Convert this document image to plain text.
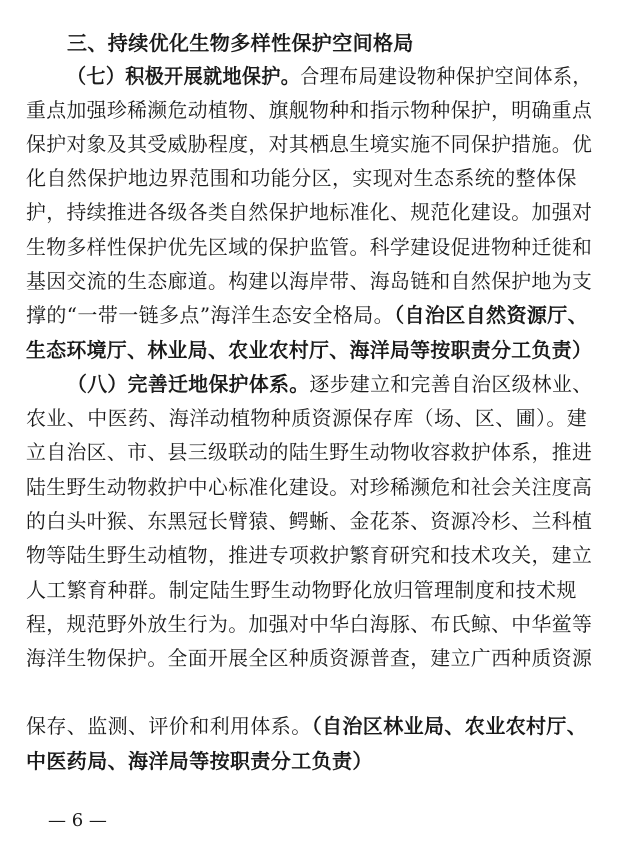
三、持续优化生物多样性保护空间格局
（七）积极开展就地保护。合理布局建设物种保护空间体系，
重点加强珍稀濒危动植物、旗舰物种和指示物种保护，明确重点
保护对象及其受威胁程度，对其栖息生境实施不同保护措施。优
化自然保护地边界范围和功能分区，实现对生态系统的整体保
护，持续推进各级各类自然保护地标准化、规范化建设。加强对
生物多样性保护优先区域的保护监管。科学建设促进物种迁徙和
基因交流的生态廊道。构建以海岸带、海岛链和自然保护地为支
撑的“一带一链多点”海洋生态安全格局。（自治区自然资源厅、
生态环境厅、林业局、农业农村厅、海洋局等按职责分工负责）
（八）完善迁地保护体系。逐步建立和完善自治区级林业、
农业、中医药、海洋动植物种质资源保存库（场、区、圃）。建
立自治区、市、县三级联动的陆生野生动物收容救护体系，推进
陆生野生动物救护中心标准化建设。对珍稀濒危和社会关注度高
的白头叶猴、东黑冠长臂猿、鳄蜥、金花茶、资源冷杉、兰科植
物等陆生野生动植物，推进专项救护繁育研究和技术攻关，建立
人工繁育种群。制定陆生野生动物野化放归管理制度和技术规
程，规范野外放生行为。加强对中华白海豚、布氏鲸、中华鲎等
海洋生物保护。全面开展全区种质资源普查，建立广西种质资源
保存、监测、评价和利用体系。（自治区林业局、农业农村厅、
中医药局、海洋局等按职责分工负责）
— 6 —
